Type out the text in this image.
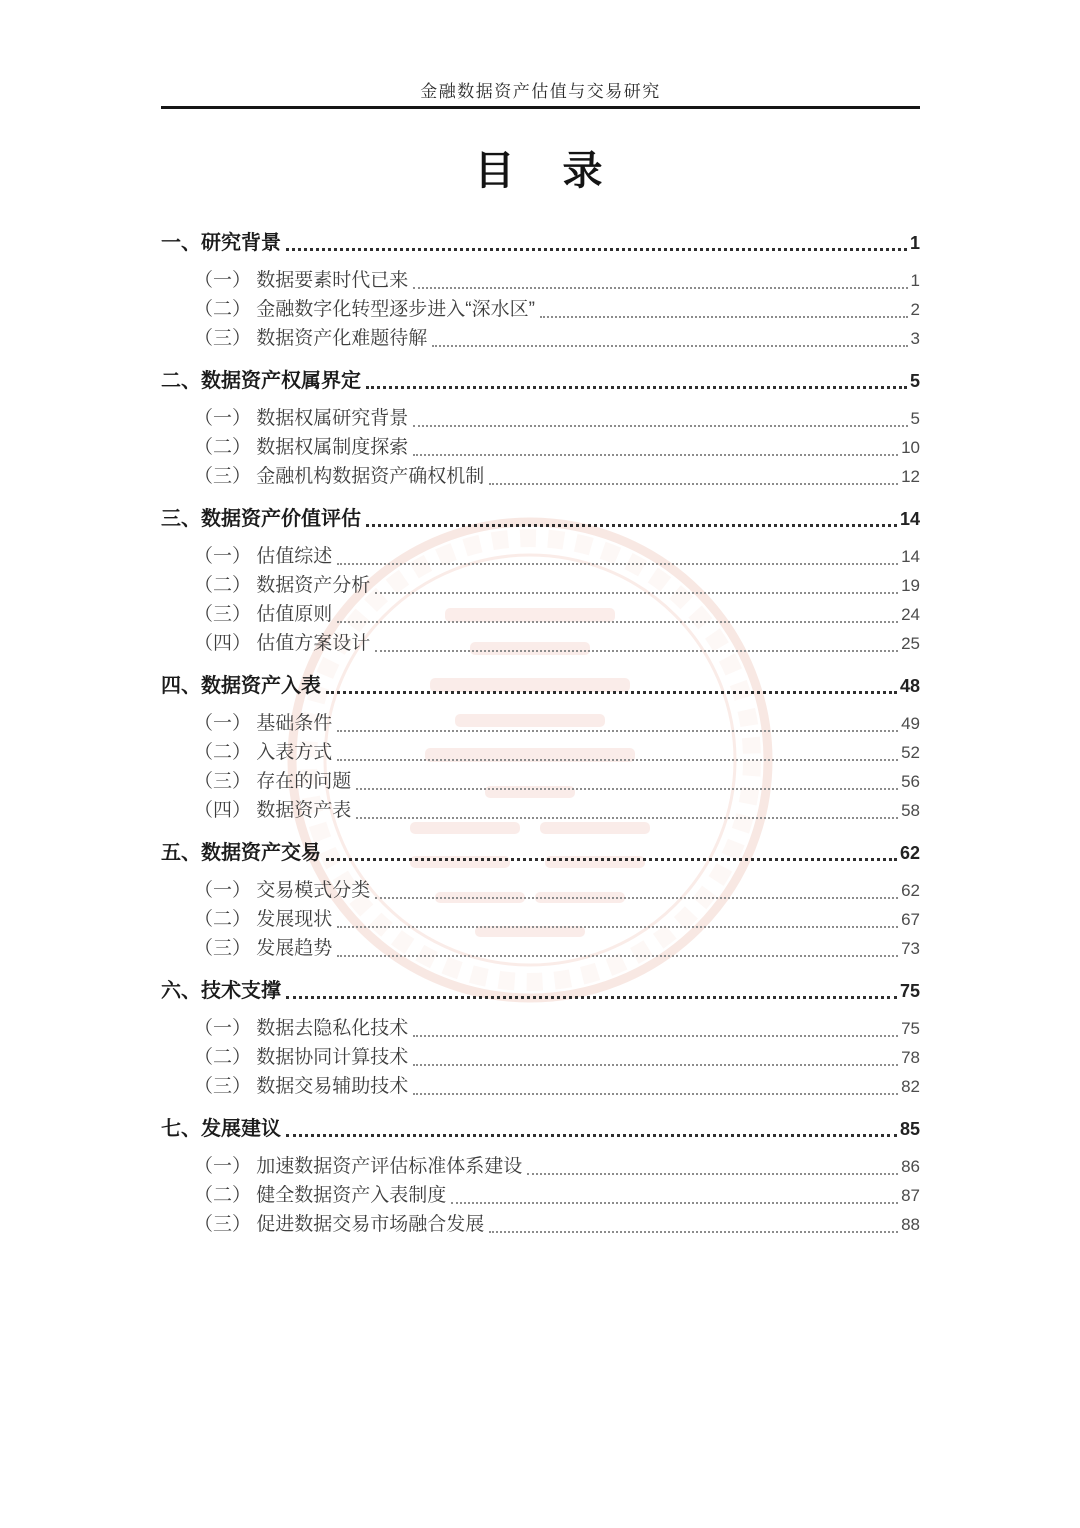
金融数据资产估值与交易研究
目　录
一、研究背景	1
（一） 数据要素时代已来	1
（二） 金融数字化转型逐步进入“深水区”	2
（三） 数据资产化难题待解	3
二、数据资产权属界定	5
（一） 数据权属研究背景	5
（二） 数据权属制度探索	10
（三） 金融机构数据资产确权机制	12
三、数据资产价值评估	14
（一） 估值综述	14
（二） 数据资产分析	19
（三） 估值原则	24
（四） 估值方案设计	25
四、数据资产入表	48
（一） 基础条件	49
（二） 入表方式	52
（三） 存在的问题	56
（四） 数据资产表	58
五、数据资产交易	62
（一） 交易模式分类	62
（二） 发展现状	67
（三） 发展趋势	73
六、技术支撑	75
（一） 数据去隐私化技术	75
（二） 数据协同计算技术	78
（三） 数据交易辅助技术	82
七、发展建议	85
（一） 加速数据资产评估标准体系建设	86
（二） 健全数据资产入表制度	87
（三） 促进数据交易市场融合发展	88
